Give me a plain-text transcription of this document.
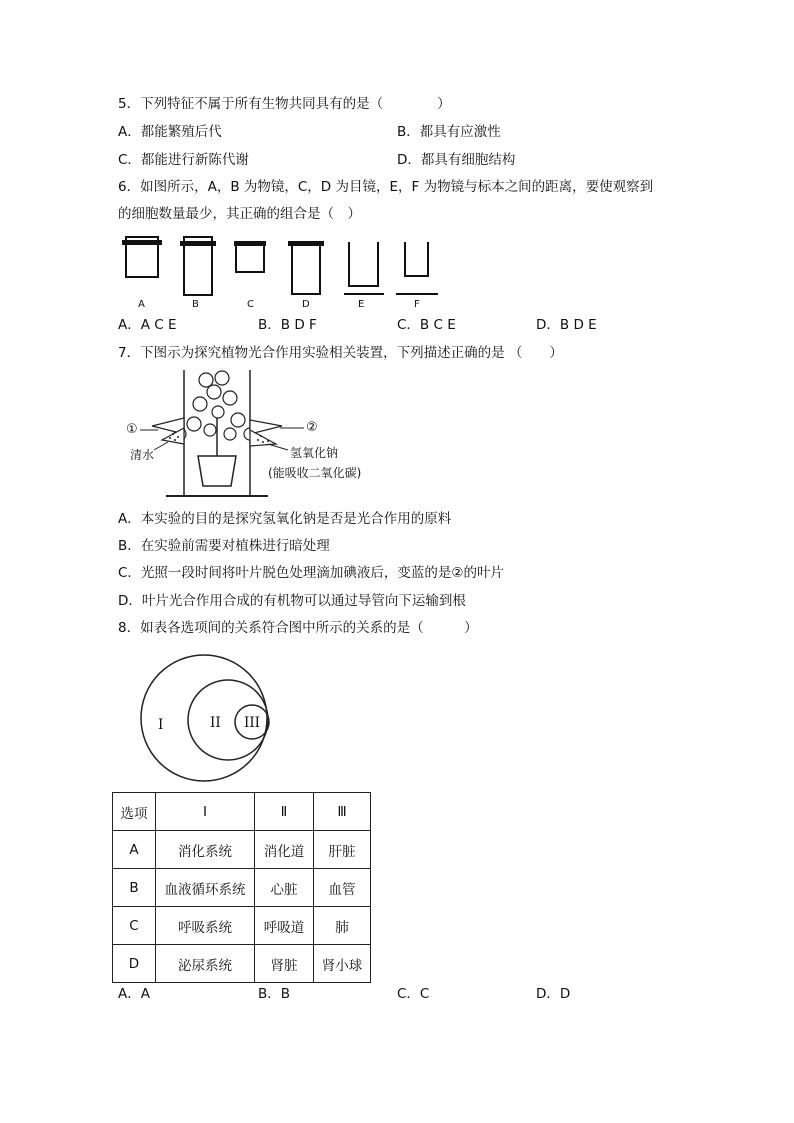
5．下列特征不属于所有生物共同具有的是（　　　　）
A．都能繁殖后代	B．都具有应激性
C．都能进行新陈代谢	D．都具有细胞结构
6．如图所示，A，B 为物镜，C，D 为目镜，E，F 为物镜与标本之间的距离，要使观察到
的细胞数量最少，其正确的组合是（　）
A	B	C	D	E	F
A．A C E	B．B D F	C．B C E	D．B D E
7．下图示为探究植物光合作用实验相关装置，下列描述正确的是 （　　）
①	②
清水	氢氧化钠
(能吸收二氧化碳)
A．本实验的目的是探究氢氧化钠是否是光合作用的原料
B．在实验前需要对植株进行暗处理
C．光照一段时间将叶片脱色处理滴加碘液后，变蓝的是②的叶片
D．叶片光合作用合成的有机物可以通过导管向下运输到根
8．如表各选项间的关系符合图中所示的关系的是（　　　）
I	II III
选项	I	Ⅱ	Ⅲ
A	消化系统	消化道	肝脏
B	血液循环系统	心脏	血管
C	呼吸系统	呼吸道	肺
D	泌尿系统	肾脏	肾小球
A．A	B．B	C．C	D．D
